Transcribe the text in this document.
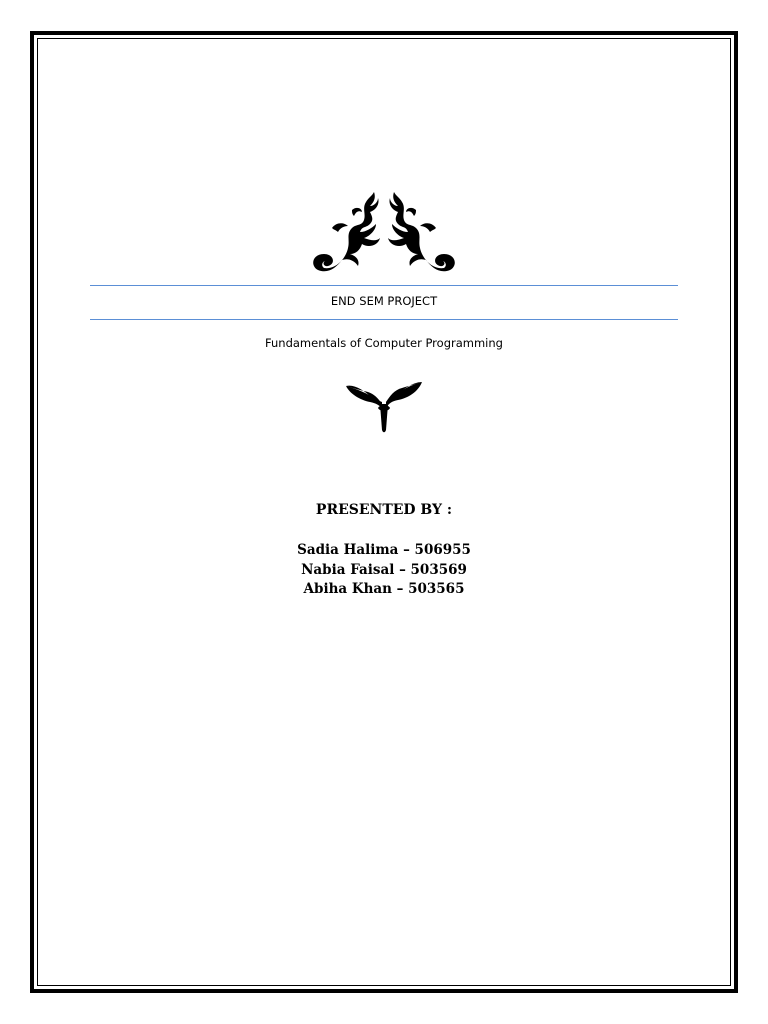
END SEM PROJECT
Fundamentals of Computer Programming
PRESENTED BY :
Sadia Halima – 506955
Nabia Faisal – 503569
Abiha Khan – 503565
